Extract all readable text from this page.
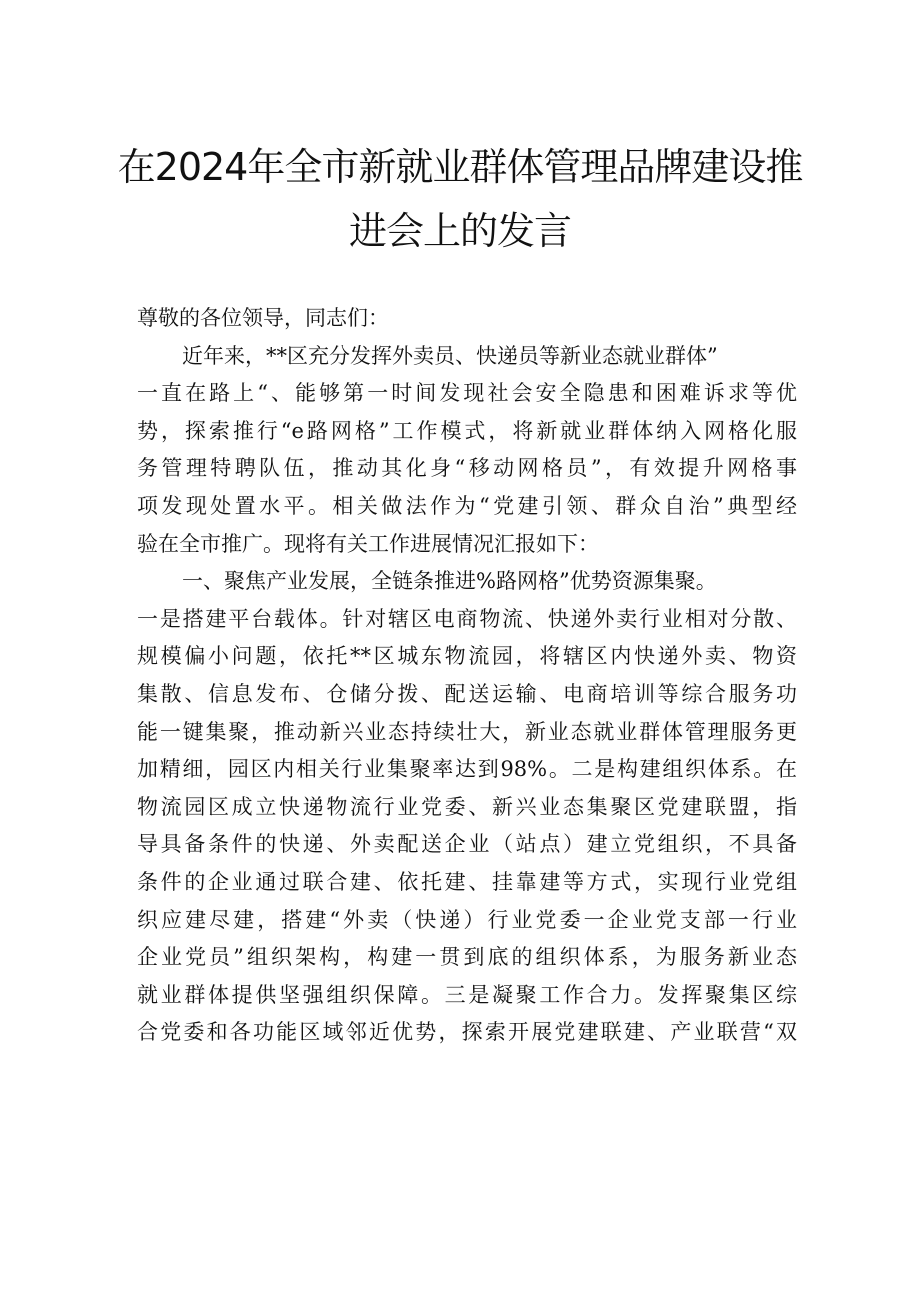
在2024年全市新就业群体管理品牌建设推
进会上的发言
尊敬的各位领导，同志们：
近年来，**区充分发挥外卖员、快递员等新业态就业群体”
一直在路上“、能够第一时间发现社会安全隐患和困难诉求等优
势，探索推行“e路网格”工作模式，将新就业群体纳入网格化服
务管理特聘队伍，推动其化身“移动网格员”，有效提升网格事
项发现处置水平。相关做法作为“党建引领、群众自治”典型经
验在全市推广。现将有关工作进展情况汇报如下：
一、聚焦产业发展，全链条推进%路网格”优势资源集聚。
一是搭建平台载体。针对辖区电商物流、快递外卖行业相对分散、
规模偏小问题，依托**区城东物流园，将辖区内快递外卖、物资
集散、信息发布、仓储分拨、配送运输、电商培训等综合服务功
能一键集聚，推动新兴业态持续壮大，新业态就业群体管理服务更
加精细，园区内相关行业集聚率达到98%。二是构建组织体系。在
物流园区成立快递物流行业党委、新兴业态集聚区党建联盟，指
导具备条件的快递、外卖配送企业（站点）建立党组织，不具备
条件的企业通过联合建、依托建、挂靠建等方式，实现行业党组
织应建尽建，搭建“外卖（快递）行业党委一企业党支部一行业
企业党员”组织架构，构建一贯到底的组织体系，为服务新业态
就业群体提供坚强组织保障。三是凝聚工作合力。发挥聚集区综
合党委和各功能区域邻近优势，探索开展党建联建、产业联营“双
